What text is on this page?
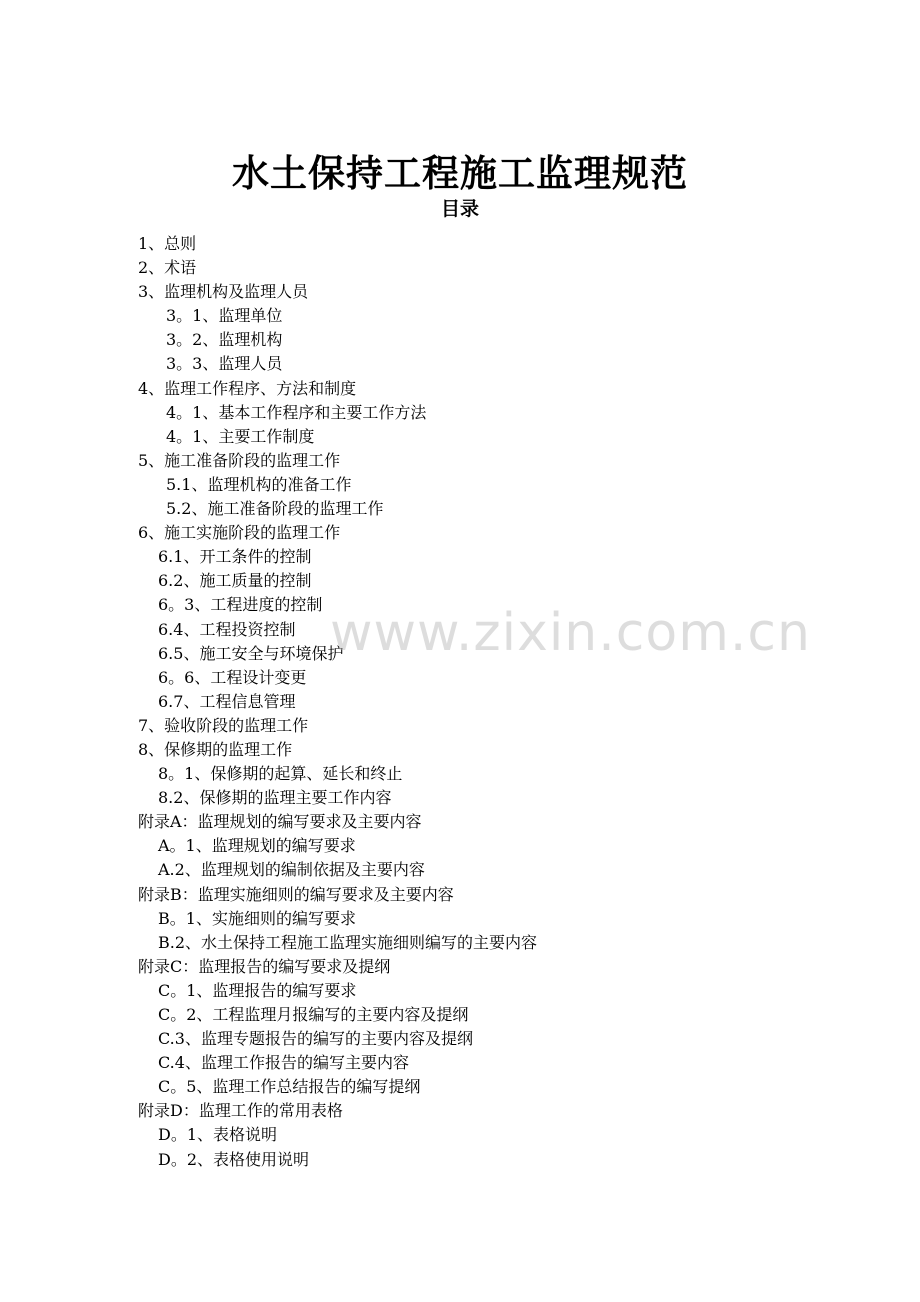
水土保持工程施工监理规范
目录
1、总则
2、术语
3、监理机构及监理人员
3。1、监理单位
3。2、监理机构
3。3、监理人员
4、监理工作程序、方法和制度
4。1、基本工作程序和主要工作方法
4。1、主要工作制度
5、施工准备阶段的监理工作
5.1、监理机构的准备工作
5.2、施工准备阶段的监理工作
6、施工实施阶段的监理工作
6.1、开工条件的控制
6.2、施工质量的控制
6。3、工程进度的控制
6.4、工程投资控制
6.5、施工安全与环境保护
6。6、工程设计变更
6.7、工程信息管理
7、验收阶段的监理工作
8、保修期的监理工作
8。1、保修期的起算、延长和终止
8.2、保修期的监理主要工作内容
附录A：监理规划的编写要求及主要内容
A。1、监理规划的编写要求
A.2、监理规划的编制依据及主要内容
附录B：监理实施细则的编写要求及主要内容
B。1、实施细则的编写要求
B.2、水土保持工程施工监理实施细则编写的主要内容
附录C：监理报告的编写要求及提纲
C。1、监理报告的编写要求
C。2、工程监理月报编写的主要内容及提纲
C.3、监理专题报告的编写的主要内容及提纲
C.4、监理工作报告的编写主要内容
C。5、监理工作总结报告的编写提纲
附录D：监理工作的常用表格
D。1、表格说明
D。2、表格使用说明
www.zixin.com.cn
